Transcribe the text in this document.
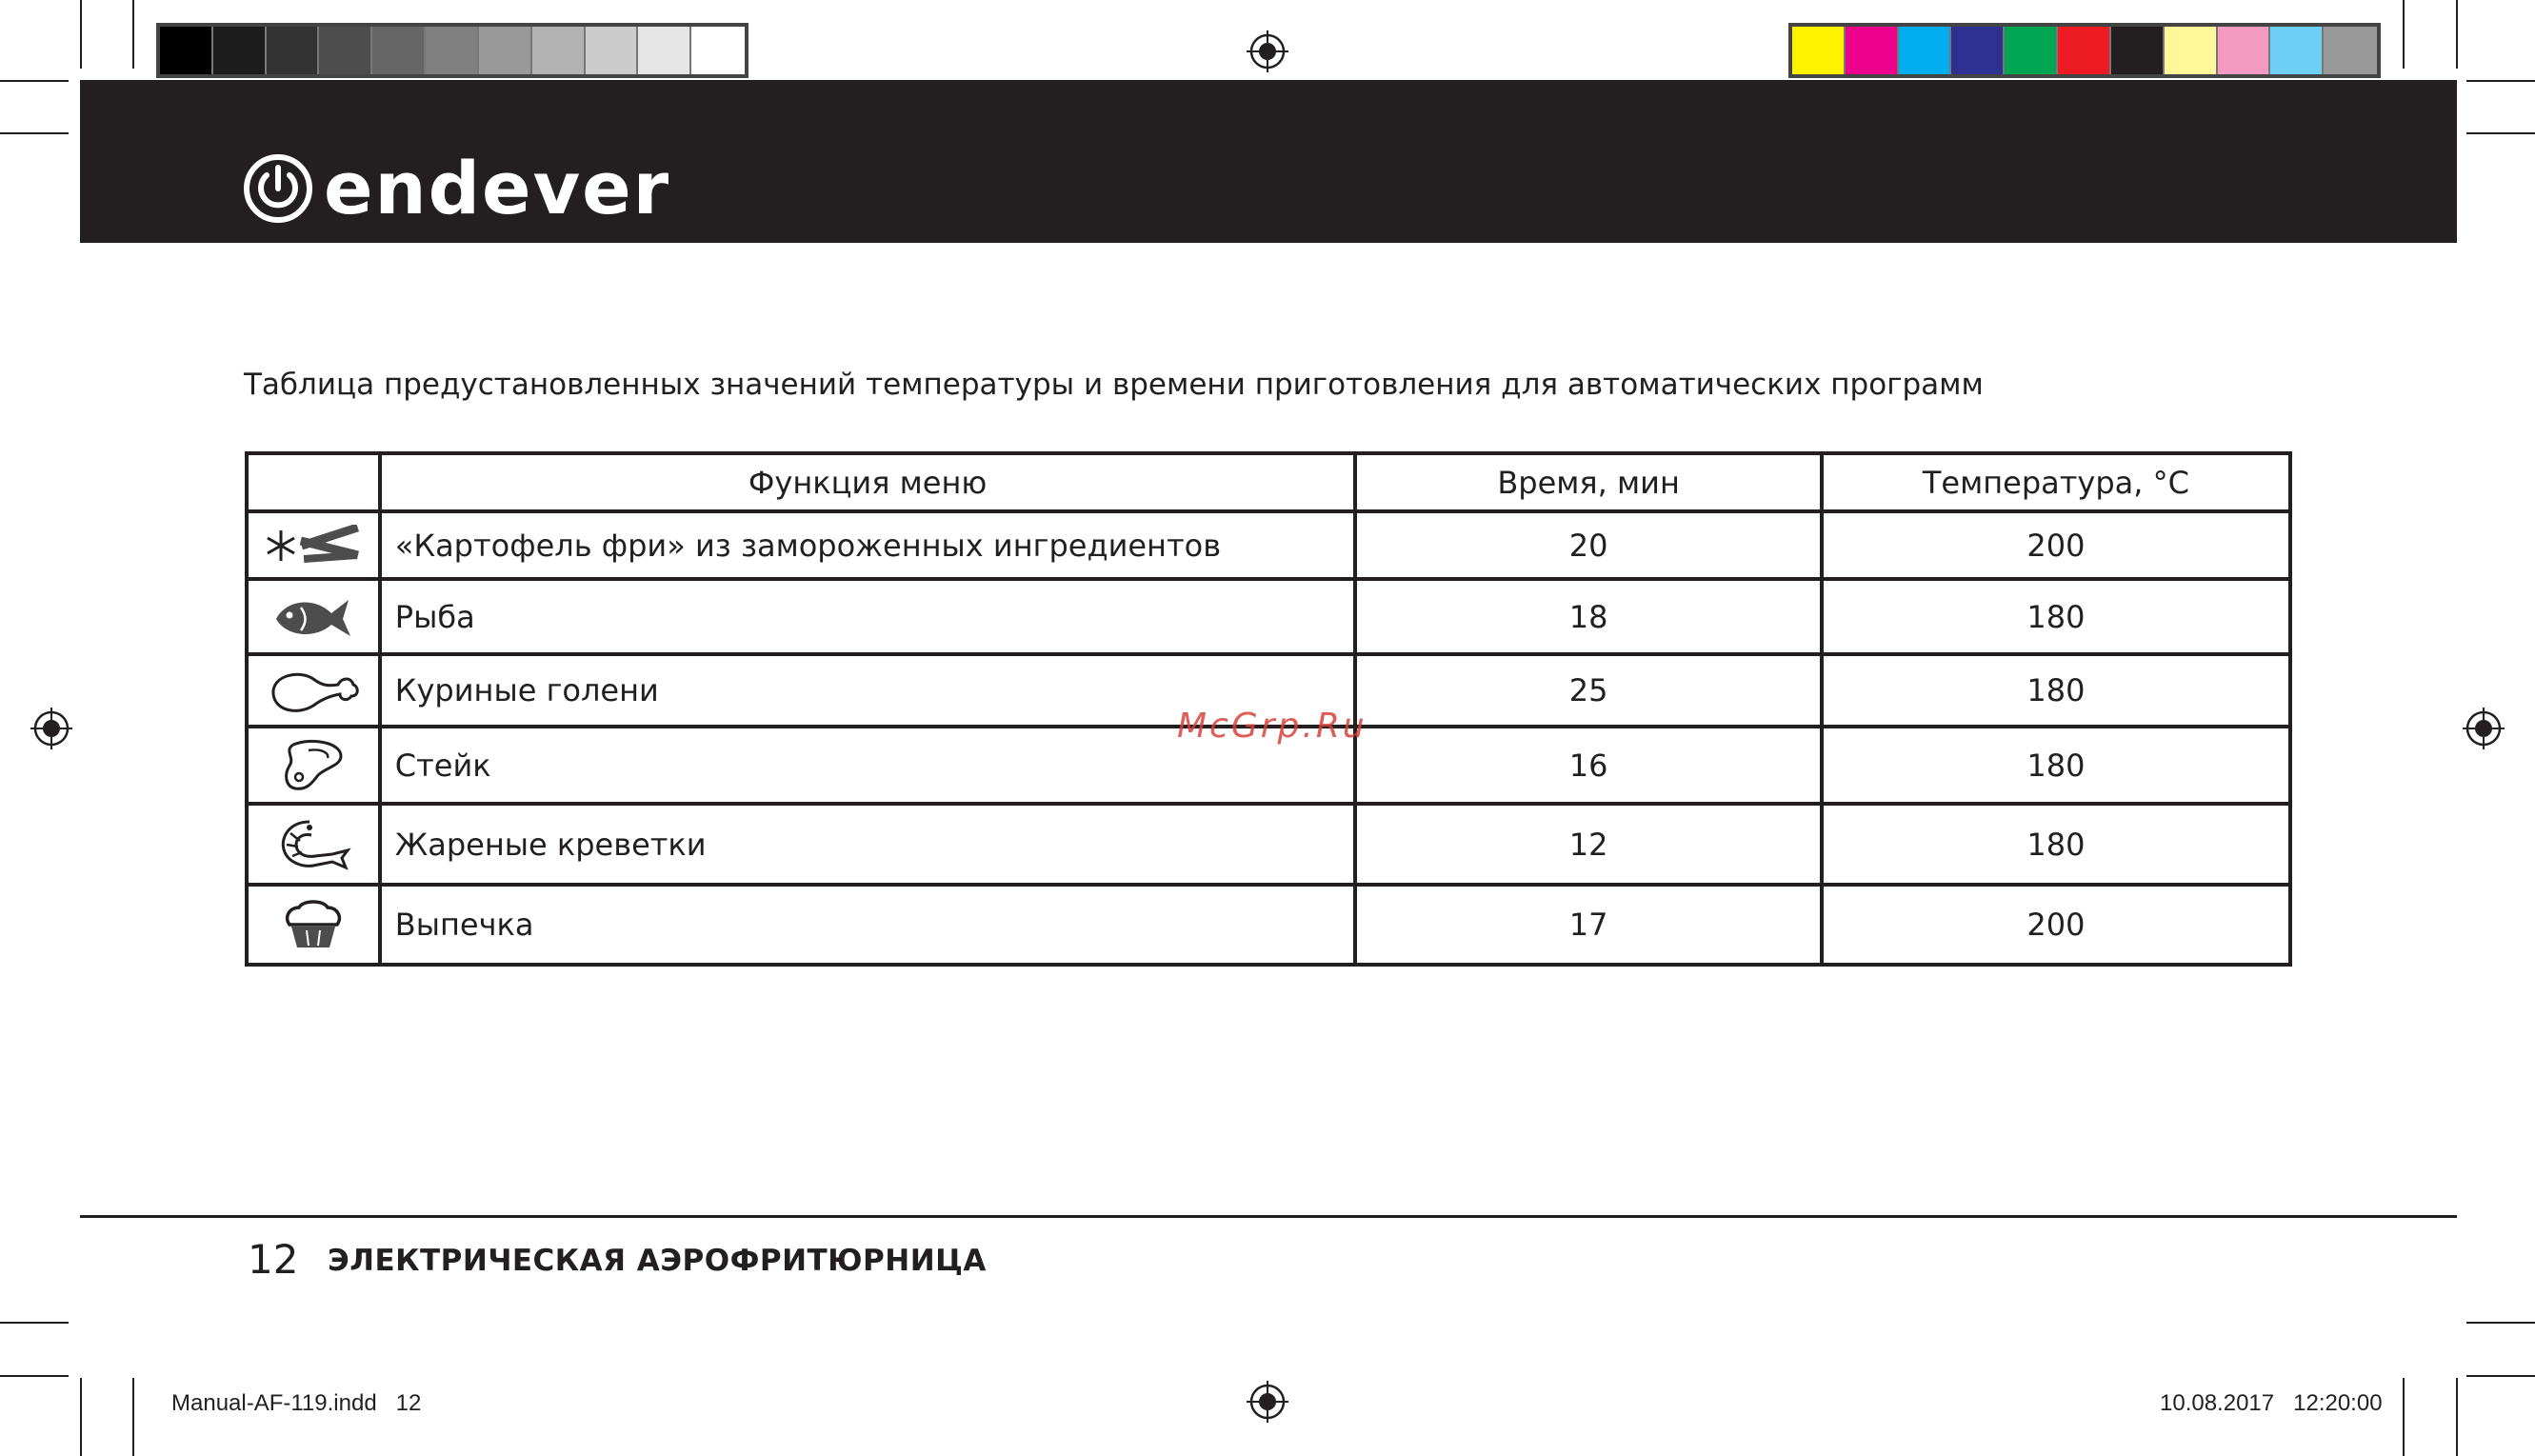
endever
Таблица предустановленных значений температуры и времени приготовления для автоматических программ
	Функция меню	Время, мин	Температура, °С

	«Картофель фри» из замороженных ингредиентов	20	200

	Рыба	18	180

	Куриные голени	25	180

	Стейк	16	180

	Жареные креветки	12	180

	Выпечка	17	200
McGrp.Ru
12 ЭЛЕКТРИЧЕСКАЯ АЭРОФРИТЮРНИЦА
Manual-AF-119.indd   12	10.08.2017   12:20:00
